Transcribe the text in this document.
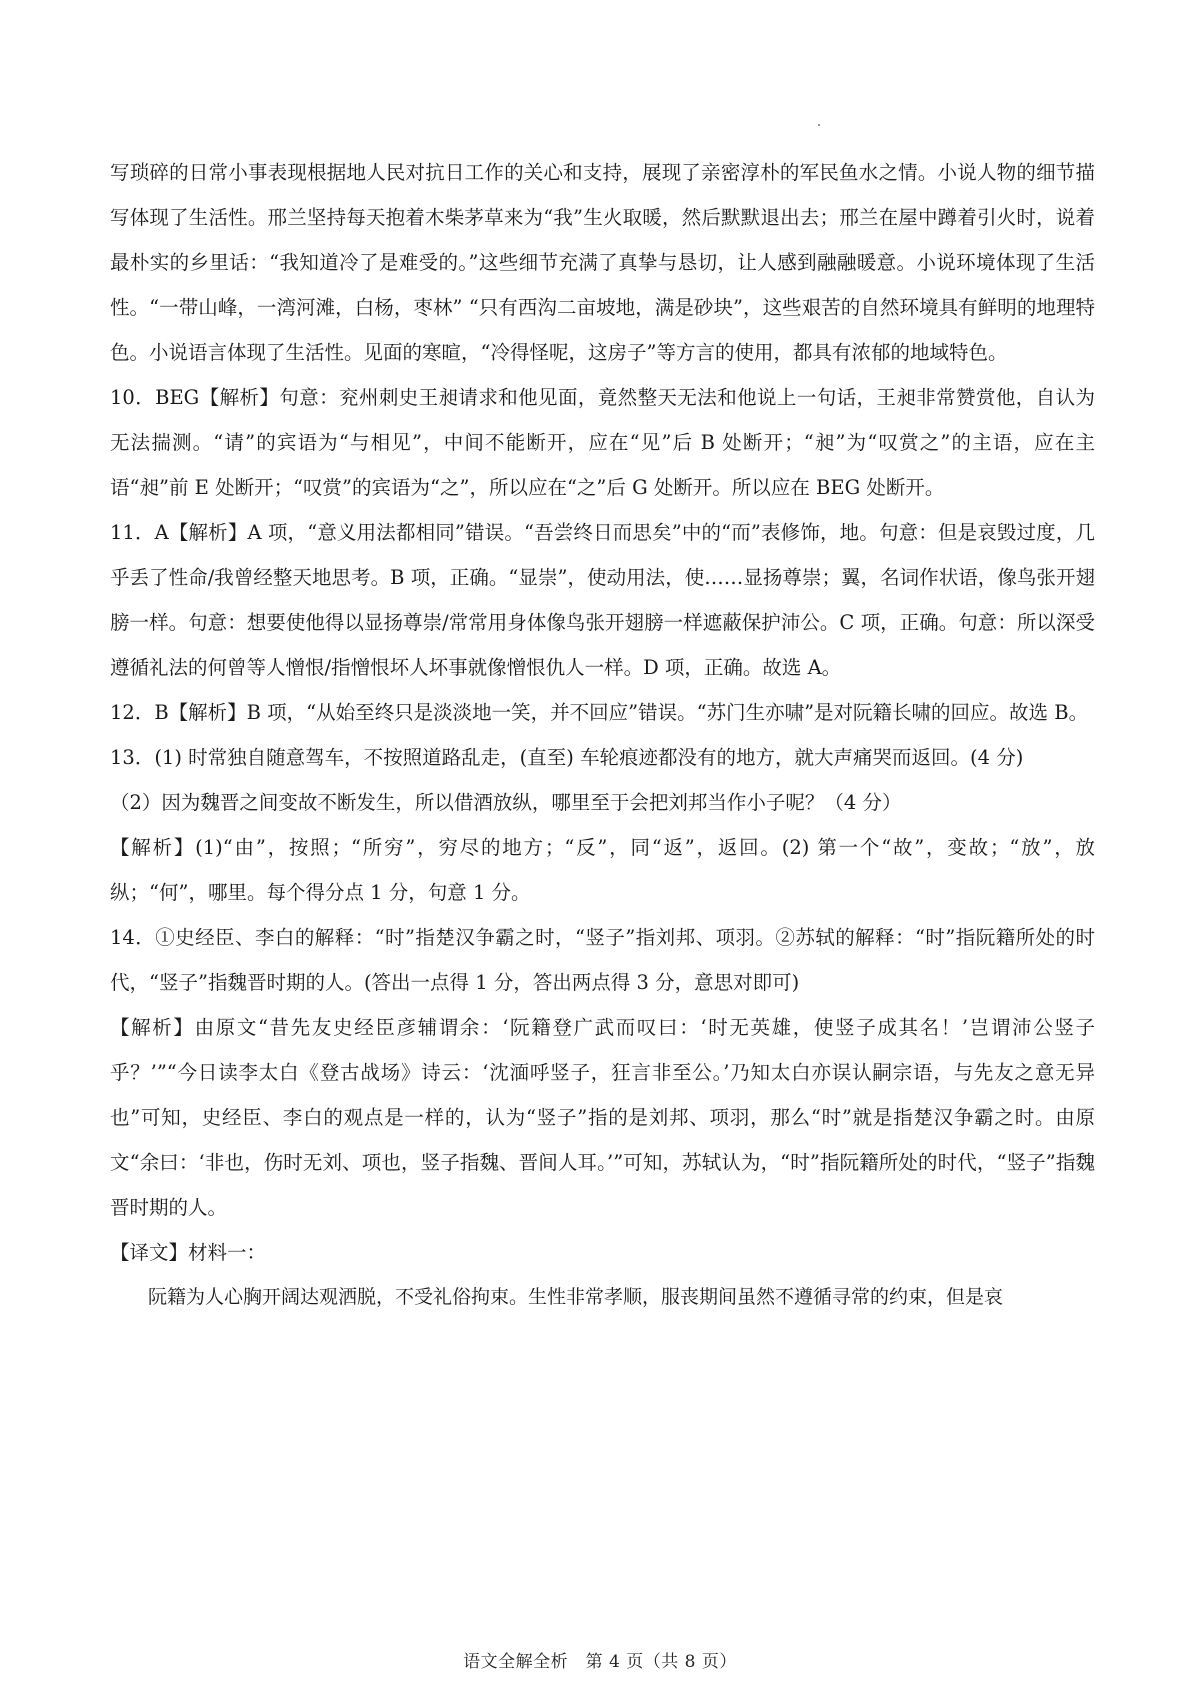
写琐碎的日常小事表现根据地人民对抗日工作的关心和支持，展现了亲密淳朴的军民鱼水之情。小说人物的细节描写体现了生活性。邢兰坚持每天抱着木柴茅草来为“我”生火取暖，然后默默退出去；邢兰在屋中蹲着引火时，说着最朴实的乡里话：“我知道冷了是难受的。”这些细节充满了真挚与恳切，让人感到融融暖意。小说环境体现了生活性。“一带山峰，一湾河滩，白杨，枣林” “只有西沟二亩坡地，满是砂块”，这些艰苦的自然环境具有鲜明的地理特色。小说语言体现了生活性。见面的寒暄，“冷得怪呢，这房子”等方言的使用，都具有浓郁的地域特色。

10．BEG【解析】句意：兖州刺史王昶请求和他见面，竟然整天无法和他说上一句话，王昶非常赞赏他，自认为无法揣测。“请”的宾语为“与相见”，中间不能断开，应在“见”后 B 处断开；“昶”为“叹赏之”的主语，应在主语“昶”前 E 处断开；“叹赏”的宾语为“之”，所以应在“之”后 G 处断开。所以应在 BEG 处断开。

11．A【解析】A 项，“意义用法都相同”错误。“吾尝终日而思矣”中的“而”表修饰，地。句意：但是哀毁过度，几乎丢了性命/我曾经整天地思考。B 项，正确。“显崇”，使动用法，使……显扬尊崇；翼，名词作状语，像鸟张开翅膀一样。句意：想要使他得以显扬尊崇/常常用身体像鸟张开翅膀一样遮蔽保护沛公。C 项，正确。句意：所以深受遵循礼法的何曾等人憎恨/指憎恨坏人坏事就像憎恨仇人一样。D 项，正确。故选 A。

12．B【解析】B 项，“从始至终只是淡淡地一笑，并不回应”错误。“苏门生亦啸”是对阮籍长啸的回应。故选 B。

13．(1) 时常独自随意驾车，不按照道路乱走，(直至) 车轮痕迹都没有的地方，就大声痛哭而返回。(4 分)

（2）因为魏晋之间变故不断发生，所以借酒放纵，哪里至于会把刘邦当作小子呢？（4 分）

【解析】(1)“由”，按照；“所穷”，穷尽的地方；“反”，同“返”，返回。(2) 第一个“故”，变故；“放”，放纵；“何”，哪里。每个得分点 1 分，句意 1 分。

14．①史经臣、李白的解释：“时”指楚汉争霸之时，“竖子”指刘邦、项羽。②苏轼的解释：“时”指阮籍所处的时代，“竖子”指魏晋时期的人。(答出一点得 1 分，答出两点得 3 分，意思对即可)

【解析】由原文“昔先友史经臣彦辅谓余：‘阮籍登广武而叹曰：‘时无英雄，使竖子成其名！’岂谓沛公竖子乎？’”“今日读李太白《登古战场》诗云：‘沈湎呼竖子，狂言非至公。’乃知太白亦误认嗣宗语，与先友之意无异也”可知，史经臣、李白的观点是一样的，认为“竖子”指的是刘邦、项羽，那么“时”就是指楚汉争霸之时。由原文“余曰：‘非也，伤时无刘、项也，竖子指魏、晋间人耳。’”可知，苏轼认为，“时”指阮籍所处的时代，“竖子”指魏晋时期的人。

【译文】材料一：

阮籍为人心胸开阔达观洒脱，不受礼俗拘束。生性非常孝顺，服丧期间虽然不遵循寻常的约束，但是哀

语文全解全析　第 4 页（共 8 页）
